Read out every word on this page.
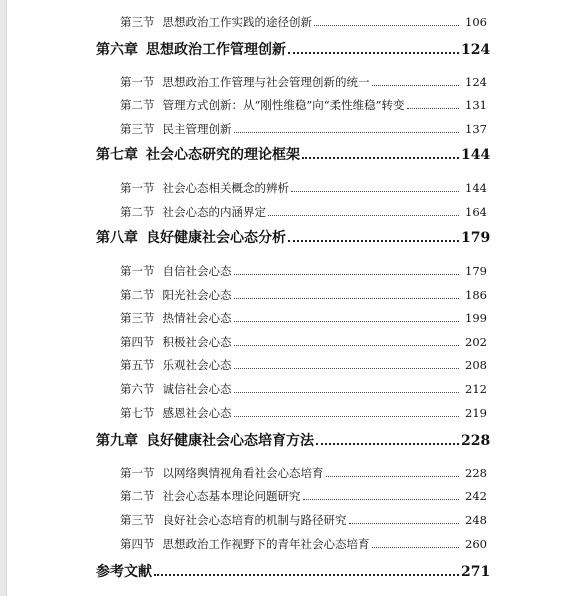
第三节 思想政治工作实践的途径创新	106
第六章 思想政治工作管理创新	124
第一节 思想政治工作管理与社会管理创新的统一	124
第二节 管理方式创新：从“刚性维稳”向“柔性维稳”转变	131
第三节 民主管理创新	137
第七章 社会心态研究的理论框架	144
第一节 社会心态相关概念的辨析	144
第二节 社会心态的内涵界定	164
第八章 良好健康社会心态分析	179
第一节 自信社会心态	179
第二节 阳光社会心态	186
第三节 热情社会心态	199
第四节 积极社会心态	202
第五节 乐观社会心态	208
第六节 诚信社会心态	212
第七节 感恩社会心态	219
第九章 良好健康社会心态培育方法	228
第一节 以网络舆情视角看社会心态培育	228
第二节 社会心态基本理论问题研究	242
第三节 良好社会心态培育的机制与路径研究	248
第四节 思想政治工作视野下的青年社会心态培育	260
参考文献	271
